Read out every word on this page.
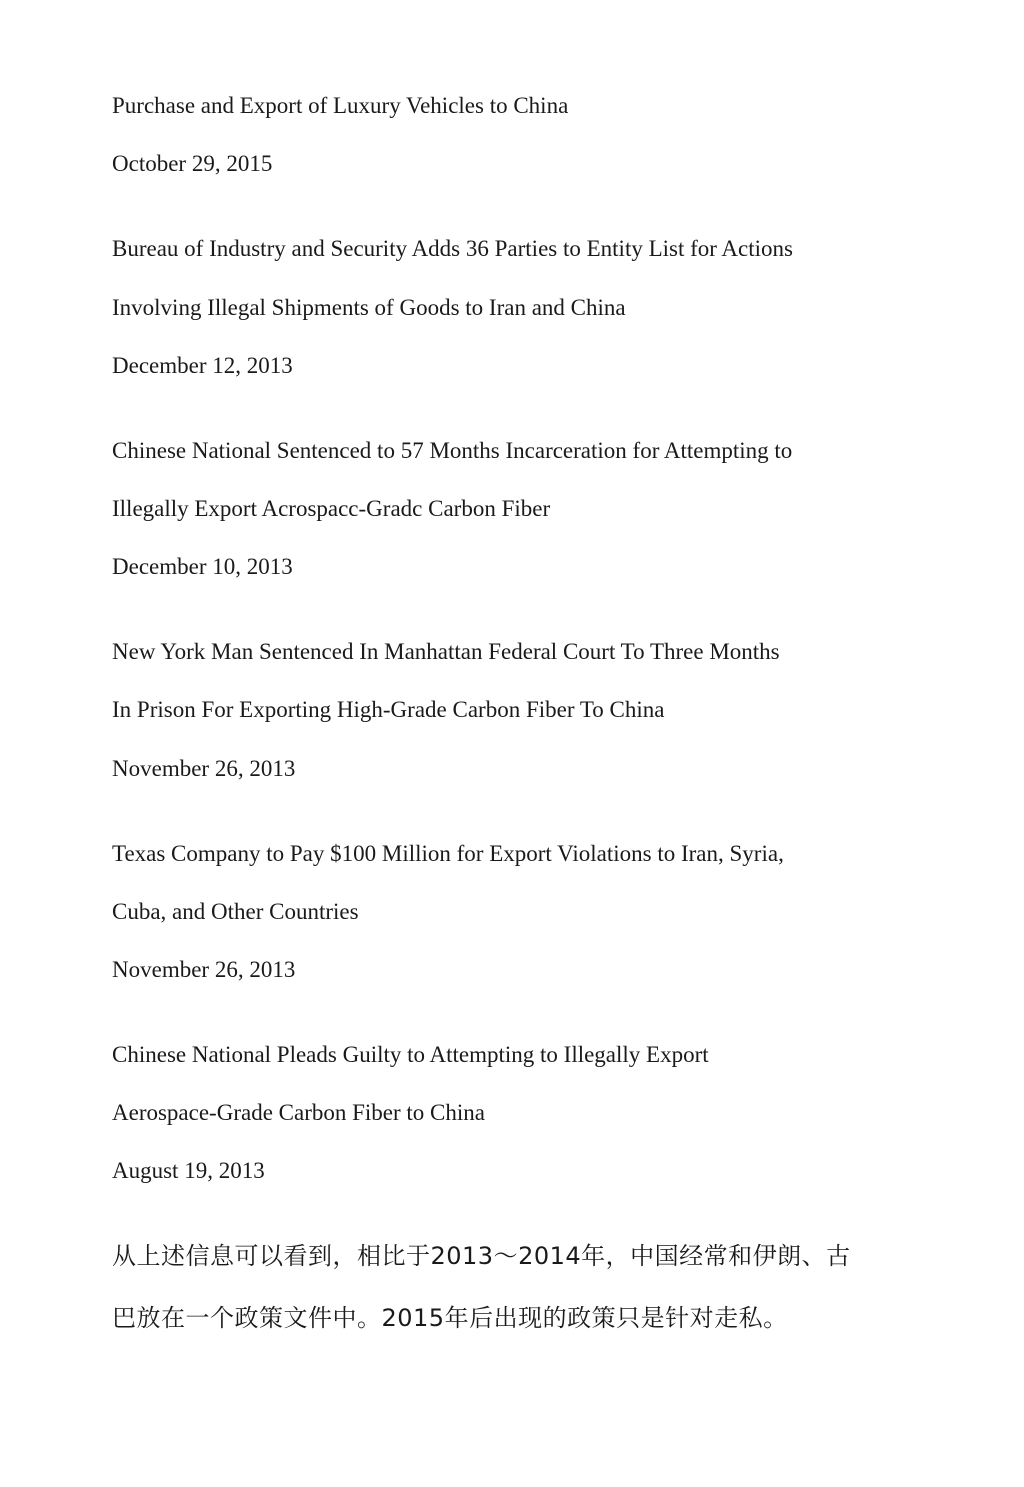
Purchase and Export of Luxury Vehicles to China
October 29, 2015
Bureau of Industry and Security Adds 36 Parties to Entity List for Actions
Involving Illegal Shipments of Goods to Iran and China
December 12, 2013
Chinese National Sentenced to 57 Months Incarceration for Attempting to
Illegally Export Acrospacc-Gradc Carbon Fiber
December 10, 2013
New York Man Sentenced In Manhattan Federal Court To Three Months
In Prison For Exporting High-Grade Carbon Fiber To China
November 26, 2013
Texas Company to Pay $100 Million for Export Violations to Iran, Syria,
Cuba, and Other Countries
November 26, 2013
Chinese National Pleads Guilty to Attempting to Illegally Export
Aerospace-Grade Carbon Fiber to China
August 19, 2013
从上述信息可以看到，相比于2013～2014年，中国经常和伊朗、古
巴放在一个政策文件中。2015年后出现的政策只是针对走私。
